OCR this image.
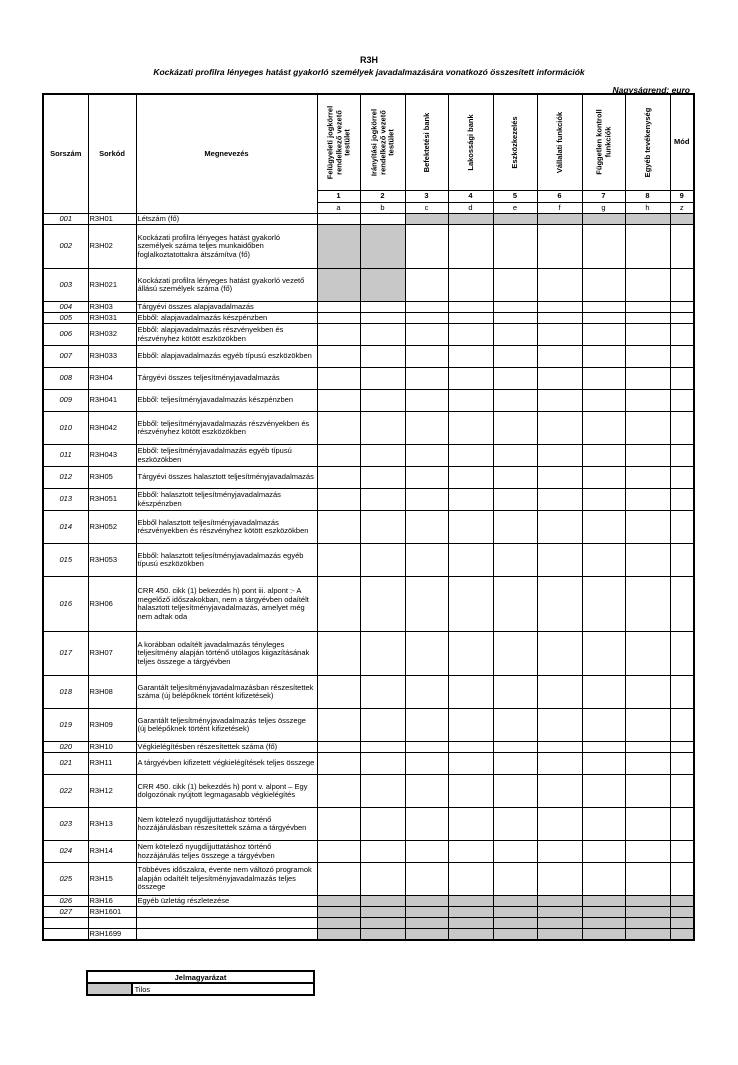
R3H
Kockázati profilra lényeges hatást gyakorló személyek javadalmazására vonatkozó összesített információk
Nagyságrend: euro
Sorszám	Sorkód	Megnevezés	Felügyeleti jogkörrel rendelkező vezető testület	Irányítási jogkörrel rendelkező vezető testület	Befektetési bank	Lakossági bank	Eszközkezelés	Vállalati funkciók	Független kontroll funkciók	Egyéb tevékenység	Mód
			1	2	3	4	5	6	7	8	9
			a	b	c	d	e	f	g	h	z
001	R3H01	Létszám (fő)									
002	R3H02	Kockázati profilra lényeges hatást gyakorló személyek száma teljes munkaidőben foglalkoztatottakra átszámítva (fő)									
003	R3H021	Kockázati profilra lényeges hatást gyakorló vezető állású személyek száma (fő)									
004	R3H03	Tárgyévi összes alapjavadalmazás									
005	R3H031	Ebből: alapjavadalmazás készpénzben									
006	R3H032	Ebből: alapjavadalmazás részvényekben és részvényhez kötött eszközökben									
007	R3H033	Ebből: alapjavadalmazás egyéb típusú eszközökben									
008	R3H04	Tárgyévi összes teljesítményjavadalmazás									
009	R3H041	Ebből: teljesítményjavadalmazás készpénzben									
010	R3H042	Ebből: teljesítményjavadalmazás részvényekben és részvényhez kötött eszközökben									
011	R3H043	Ebből: teljesítményjavadalmazás egyéb típusú eszközökben									
012	R3H05	Tárgyévi összes halasztott teljesítményjavadalmazás									
013	R3H051	Ebből: halasztott teljesítményjavadalmazás készpénzben									
014	R3H052	Ebből halasztott teljesítményjavadalmazás részvényekben és részvényhez kötött eszközökben									
015	R3H053	Ebből: halasztott teljesítményjavadalmazás egyéb típusú eszközökben									
016	R3H06	CRR 450. cikk (1) bekezdés h) pont iii. alpont :- A megelőző időszakokban, nem a tárgyévben odaítélt halasztott teljesítményjavadalmazás, amelyet még nem adtak oda									
017	R3H07	A korábban odaítélt javadalmazás tényleges teljesítmény alapján történő utólagos kiigazításának teljes összege a tárgyévben									
018	R3H08	Garantált teljesítményjavadalmazásban részesítettek száma (új belépőknek történt kifizetések)									
019	R3H09	Garantált teljesítményjavadalmazás teljes összege (új belépőknek történt kifizetések)									
020	R3H10	Végkielégítésben részesítettek száma (fő)									
021	R3H11	A tárgyévben kifizetett végkielégítések teljes összege									
022	R3H12	CRR 450. cikk (1) bekezdés h) pont v. alpont – Egy dolgozónak nyújtott legmagasabb végkielégítés									
023	R3H13	Nem kötelező nyugdíjjuttatáshoz történő hozzájárulásban részesítettek száma a tárgyévben									
024	R3H14	Nem kötelező nyugdíjjuttatáshoz történő hozzájárulás teljes összege a tárgyévben									
025	R3H15	Többéves időszakra, évente nem változó programok alapján odaítélt teljesítményjavadalmazás teljes összege									
026	R3H16	Egyéb üzletág részletezése									
027	R3H1601										

	R3H1699										
Jelmagyarázat
	Tilos
